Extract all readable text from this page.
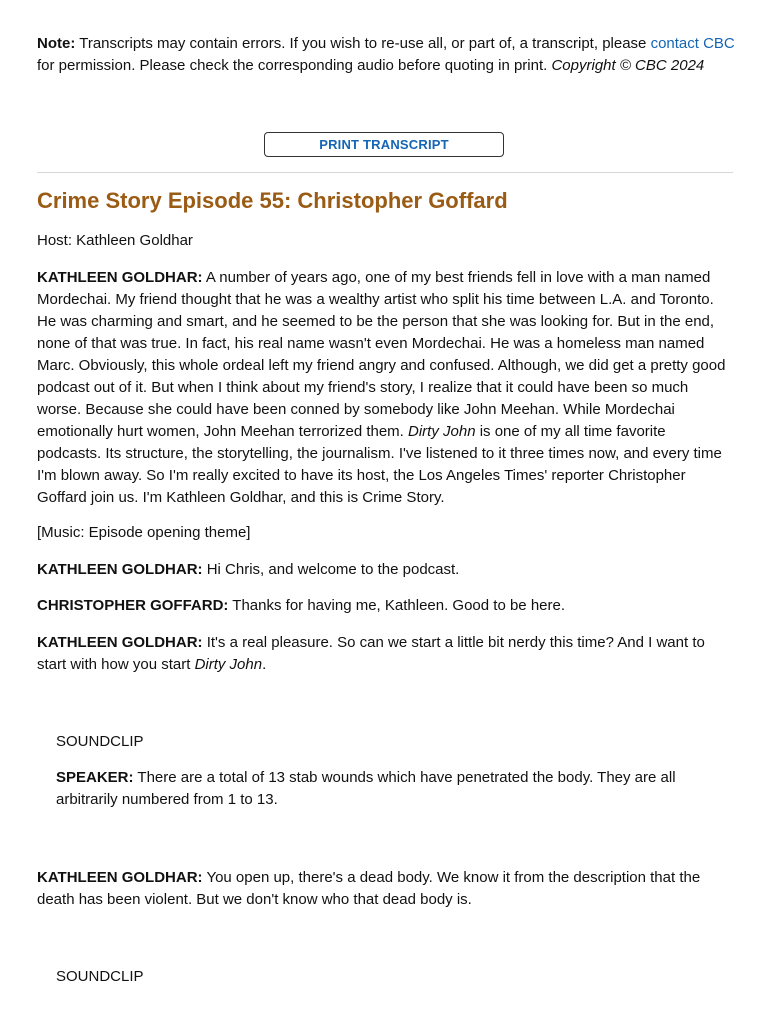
Note: Transcripts may contain errors. If you wish to re-use all, or part of, a transcript, please contact CBC for permission. Please check the corresponding audio before quoting in print. Copyright © CBC 2024
PRINT TRANSCRIPT
Crime Story Episode 55: Christopher Goffard

Host: Kathleen Goldhar

KATHLEEN GOLDHAR: A number of years ago, one of my best friends fell in love with a man named Mordechai. My friend thought that he was a wealthy artist who split his time between L.A. and Toronto. He was charming and smart, and he seemed to be the person that she was looking for. But in the end, none of that was true. In fact, his real name wasn't even Mordechai. He was a homeless man named Marc. Obviously, this whole ordeal left my friend angry and confused. Although, we did get a pretty good podcast out of it. But when I think about my friend's story, I realize that it could have been so much worse. Because she could have been conned by somebody like John Meehan. While Mordechai emotionally hurt women, John Meehan terrorized them. Dirty John is one of my all time favorite podcasts. Its structure, the storytelling, the journalism. I've listened to it three times now, and every time I'm blown away. So I'm really excited to have its host, the Los Angeles Times' reporter Christopher Goffard join us. I'm Kathleen Goldhar, and this is Crime Story.

[Music: Episode opening theme]

KATHLEEN GOLDHAR: Hi Chris, and welcome to the podcast.

CHRISTOPHER GOFFARD: Thanks for having me, Kathleen. Good to be here.

KATHLEEN GOLDHAR: It's a real pleasure. So can we start a little bit nerdy this time? And I want to start with how you start Dirty John.

SOUNDCLIP

SPEAKER: There are a total of 13 stab wounds which have penetrated the body. They are all arbitrarily numbered from 1 to 13.

KATHLEEN GOLDHAR: You open up, there's a dead body. We know it from the description that the death has been violent. But we don't know who that dead body is.

SOUNDCLIP
